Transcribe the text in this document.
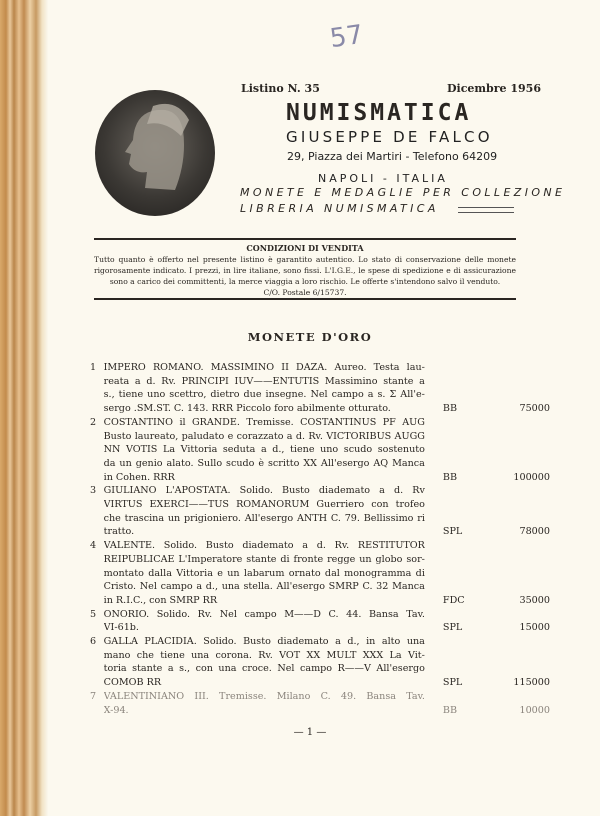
57
Listino N. 35	Dicembre 1956
NUMISMATICA
GIUSEPPE DE FALCO
29, Piazza dei Martiri - Telefono 64209
NAPOLI - ITALIA
MONETE E MEDAGLIE PER COLLEZIONE
LIBRERIA NUMISMATICA
CONDIZIONI DI VENDITA

Tutto quanto è offerto nel presente listino è garantito autentico. Lo stato di conservazione delle monete rigorosamente indicato. I prezzi, in lire italiane, sono fissi. L'I.G.E., le spese di spedizione e di assicurazione sono a carico dei committenti, la merce viaggia a loro rischio. Le offerte s'intendono salvo il venduto.

C/O. Postale 6/15737.
MONETE D'ORO
1 IMPERO ROMANO. MASSIMINO II DAZA. Aureo. Testa lau-
reata a d. Rv. PRINCIPI IUV——ENTUTIS Massimino stante a
s., tiene uno scettro, dietro due insegne. Nel campo a s. Σ All'e-
sergo .SM.ST. C. 143. RRR Piccolo foro abilmente otturato.	BB	75000
2 COSTANTINO il GRANDE. Tremisse. COSTANTINUS PF AUG
Busto laureato, paludato e corazzato a d. Rv. VICTORIBUS AUGG
NN VOTIS La Vittoria seduta a d., tiene uno scudo sostenuto
da un genio alato. Sullo scudo è scritto XX All'esergo AQ Manca
in Cohen. RRR	BB	100000
3 GIULIANO L'APOSTATA. Solido. Busto diademato a d. Rv
VIRTUS EXERCI——TUS ROMANORUM Guerriero con trofeo
che trascina un prigioniero. All'esergo ANTH C. 79. Bellissimo ri
tratto.	SPL	78000
4 VALENTE. Solido. Busto diademato a d. Rv. RESTITUTOR
REIPUBLICAE L'Imperatore stante di fronte regge un globo sor-
montato dalla Vittoria e un labarum ornato dal monogramma di
Cristo. Nel campo a d., una stella. All'esergo SMRP C. 32 Manca
in R.I.C., con SMRP RR	FDC	35000
5 ONORIO. Solido. Rv. Nel campo M——D C. 44. Bansa Tav.
VI-61b.	SPL	15000
6 GALLA PLACIDIA. Solido. Busto diademato a d., in alto una
mano che tiene una corona. Rv. VOT XX MULT XXX La Vit-
toria stante a s., con una croce. Nel campo R——V All'esergo
COMOB RR	SPL	115000
7 VALENTINIANO III. Tremisse. Milano C. 49. Bansa Tav.
X-94.	BB	10000
— 1 —
